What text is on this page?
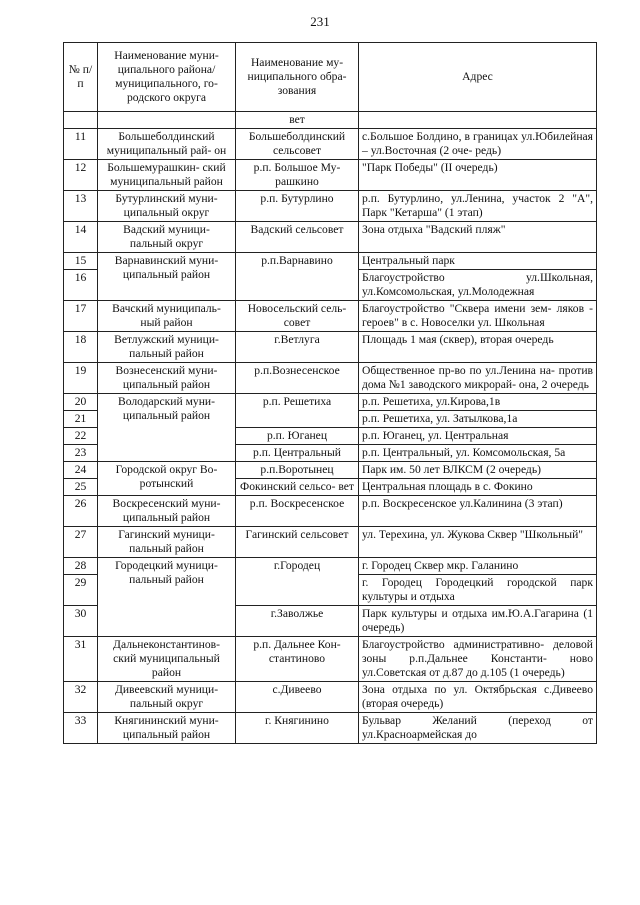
231
№ п/п	Наименование муни- ципального района/ муниципального, го- родского округа	Наименование му- ниципального обра- зования	Адрес
		вет	
11	Большеболдинский муниципальный рай- он	Большеболдинский сельсовет	с.Большое Болдино, в границах ул.Юбилейная – ул.Восточная (2 оче- редь)
12	Большемурашкин- ский муниципальный район	р.п. Большое Му- рашкино	"Парк Победы" (II очередь)
13	Бутурлинский муни- ципальный округ	р.п. Бутурлино	р.п. Бутурлино, ул.Ленина, участок 2 "А", Парк "Кетарша" (1 этап)
14	Вадский муници- пальный округ	Вадский сельсовет	Зона отдыха "Вадский пляж"
15	Варнавинский муни- ципальный район	р.п.Варнавино	Центральный парк
16			Благоустройство ул.Школьная, ул.Комсомольская, ул.Молодежная
17	Вачский муниципаль- ный район	Новосельский сель- совет	Благоустройство "Сквера имени зем- ляков - героев" в с. Новоселки ул. Школьная
18	Ветлужский муници- пальный район	г.Ветлуга	Площадь 1 мая (сквер), вторая очередь
19	Вознесенский муни- ципальный район	р.п.Вознесенское	Общественное пр-во по ул.Ленина на- против дома №1 заводского микрорай- она, 2 очередь
20	Володарский муни- ципальный район	р.п. Решетиха	р.п. Решетиха, ул.Кирова,1в
21			р.п. Решетиха, ул. Затылкова,1а
22		р.п. Юганец	р.п. Юганец, ул. Центральная
23		р.п. Центральный	р.п. Центральный, ул. Комсомольская, 5а
24	Городской округ Во- ротынский	р.п.Воротынец	Парк им. 50 лет ВЛКСМ (2 очередь)
25		Фокинский сельсо- вет	Центральная площадь в с. Фокино
26	Воскресенский муни- ципальный район	р.п. Воскресенское	р.п. Воскресенское ул.Калинина (3 этап)
27	Гагинский муници- пальный район	Гагинский сельсовет	ул. Терехина, ул. Жукова Сквер "Школьный"
28	Городецкий муници- пальный район	г.Городец	г. Городец Сквер мкр. Галанино
29			г. Городец Городецкий городской парк культуры и отдыха
30		г.Заволжье	Парк культуры и отдыха им.Ю.А.Гагарина (1 очередь)
31	Дальнеконстантинов- ский муниципальный район	р.п. Дальнее Кон- стантиново	Благоустройство административно- деловой зоны р.п.Дальнее Константи- ново ул.Советская от д.87 до д.105 (1 очередь)
32	Дивеевский муници- пальный округ	с.Дивеево	Зона отдыха по ул. Октябрьская с.Дивеево (вторая очередь)
33	Княгининский муни- ципальный район	г. Княгинино	Бульвар Желаний (переход от ул.Красноармейская до
